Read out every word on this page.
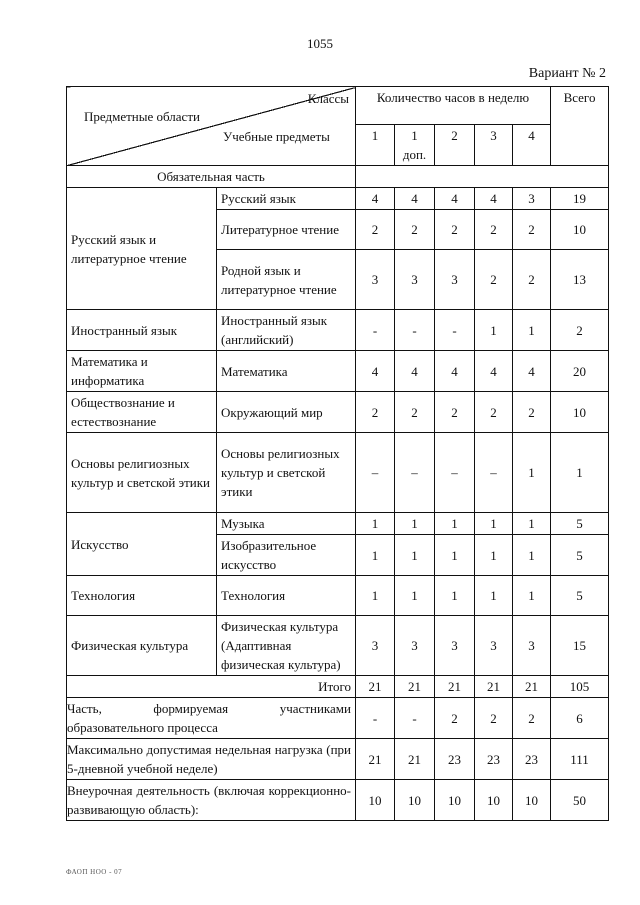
1055
Вариант № 2
Классы
Предметные области
Учебные предметы		Количество часов в неделю					Всего
		1	1 доп.	2	3	4	
Обязательная часть							
Русский язык и литературное чтение	Русский язык	4	4	4	4	3	19
	Литературное чтение	2	2	2	2	2	10
	Родной язык и литературное чтение	3	3	3	2	2	13
Иностранный язык	Иностранный язык (английский)	-	-	-	1	1	2
Математика и информатика	Математика	4	4	4	4	4	20
Обществознание и естествознание	Окружающий мир	2	2	2	2	2	10
Основы религиозных культур и светской этики	Основы религиозных культур и светской этики	–	–	–	–	1	1
Искусство	Музыка	1	1	1	1	1	5
	Изобразительное искусство	1	1	1	1	1	5
Технология	Технология	1	1	1	1	1	5
Физическая культура	Физическая культура (Адаптивная физическая культура)	3	3	3	3	3	15
Итого		21	21	21	21	21	105
Часть, формируемая участниками образовательного процесса		-	-	2	2	2	6
Максимально допустимая недельная нагрузка (при 5-дневной учебной неделе)		21	21	23	23	23	111
Внеурочная деятельность (включая коррекционно-развивающую область):		10	10	10	10	10	50
ФАОП НОО - 07
